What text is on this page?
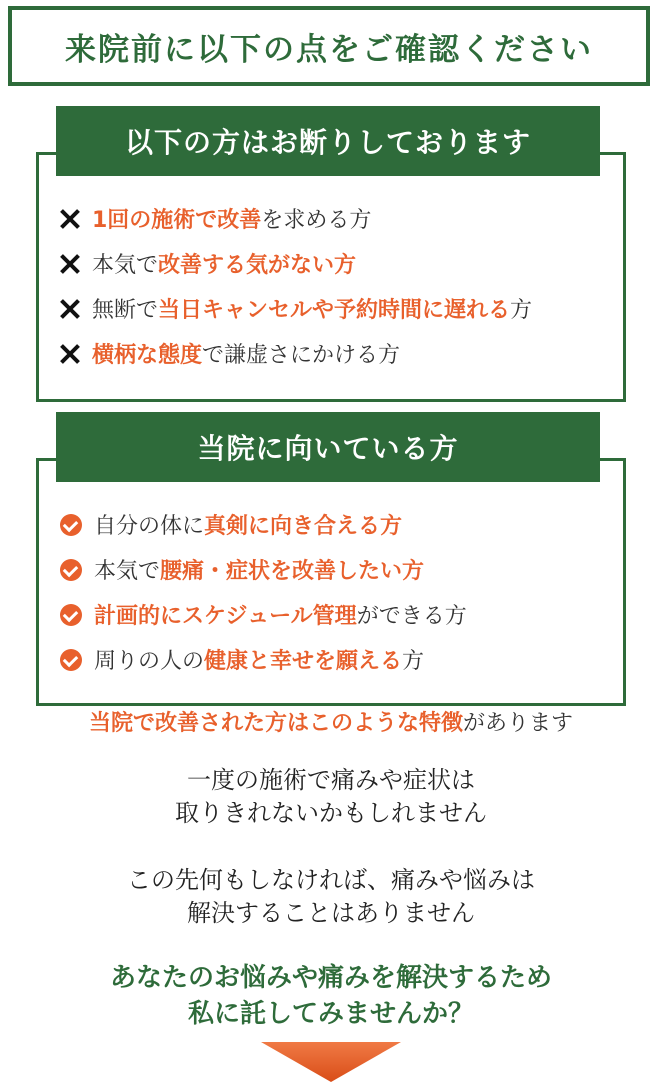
来院前に以下の点をご確認ください
以下の方はお断りしております
1回の施術で改善 を求める方
本気で 改善する気がない方
無断で 当日キャンセルや予約時間に遅れる 方
横柄な態度 で謙虚さにかける方
当院に向いている方
自分の体に 真剣に向き合える方
本気で 腰痛・症状を改善したい方
計画的にスケジュール管理 ができる方
周りの人の 健康と幸せを願える 方
当院で改善された方はこのような特徴があります
一度の施術で痛みや症状は
取りきれないかもしれません
この先何もしなければ、痛みや悩みは
解決することはありません
あなたのお悩みや痛みを解決するため
私に託してみませんか？
